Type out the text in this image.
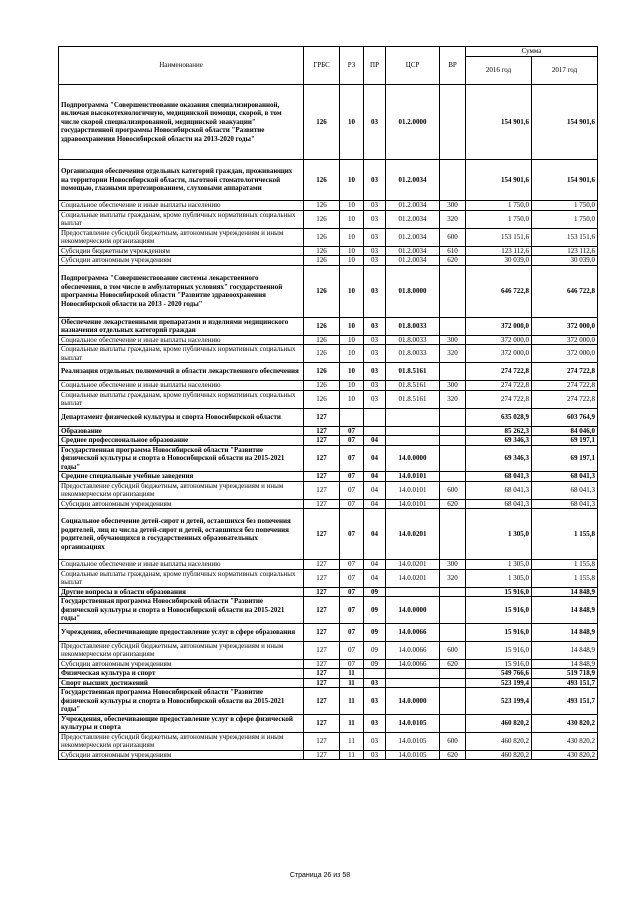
Наименование	ГРБС	РЗ	ПР	ЦСР	ВР	Сумма	
						2016 год	2017 год
Подпрограмма "Совершенствование оказания специализированной, включая высокотехнологичную, медицинской помощи, скорой, в том числе скорой специализированной, медицинской эвакуации" государственной программы Новосибирской области "Развитие здравоохранения Новосибирской области на 2013-2020 годы"	126	10	03	01.2.0000		154 901,6	154 901,6
Организация обеспечения отдельных категорий граждан, проживающих на территории Новосибирской области, льготной стоматологической помощью, глазными протезированием, слуховыми аппаратами	126	10	03	01.2.0034		154 901,6	154 901,6
Социальное обеспечение и иные выплаты населению	126	10	03	01.2.0034	300	1 750,0	1 750,0
Социальные выплаты гражданам, кроме публичных нормативных социальных выплат	126	10	03	01.2.0034	320	1 750,0	1 750,0
Предоставление субсидий бюджетным, автономным учреждениям и иным некоммерческим организациям	126	10	03	01.2.0034	600	153 151,6	153 151,6
Субсидии бюджетным учреждениям	126	10	03	01.2.0034	610	123 112,6	123 112,6
Субсидии автономным учреждениям	126	10	03	01.2.0034	620	30 039,0	30 039,0
Подпрограмма "Совершенствование системы лекарственного обеспечения, в том числе в амбулаторных условиях" государственной программы Новосибирской области "Развитие здравоохранения Новосибирской области на 2013 - 2020 годы"	126	10	03	01.8.0000		646 722,8	646 722,8
Обеспечение лекарственными препаратами и изделиями медицинского назначения отдельных категорий граждан	126	10	03	01.8.0033		372 000,0	372 000,0
Социальное обеспечение и иные выплаты населению	126	10	03	01.8.0033	300	372 000,0	372 000,0
Социальные выплаты гражданам, кроме публичных нормативных социальных выплат	126	10	03	01.8.0033	320	372 000,0	372 000,0
Реализация отдельных полномочий в области лекарственного обеспечения	126	10	03	01.8.5161		274 722,8	274 722,8
Социальное обеспечение и иные выплаты населению	126	10	03	01.8.5161	300	274 722,8	274 722,8
Социальные выплаты гражданам, кроме публичных нормативных социальных выплат	126	10	03	01.8.5161	320	274 722,8	274 722,8
Департамент физической культуры и спорта Новосибирской области	127					635 028,9	603 764,9
Образование	127	07				85 262,3	84 046,0
Среднее профессиональное образование	127	07	04			69 346,3	69 197,1
Государственная программа Новосибирской области "Развитие физической культуры и спорта в Новосибирской области на 2015-2021 годы"	127	07	04	14.0.0000		69 346,3	69 197,1
Средние специальные учебные заведения	127	07	04	14.0.0101		68 041,3	68 041,3
Предоставление субсидий бюджетным, автономным учреждениям и иным некоммерческим организациям	127	07	04	14.0.0101	600	68 041,3	68 041,3
Субсидии автономным учреждениям	127	07	04	14.0.0101	620	68 041,3	68 041,3
Социальное обеспечение детей-сирот и детей, оставшихся без попечения родителей, лиц из числа детей-сирот и детей, оставшихся без попечения родителей, обучающихся в государственных образовательных организациях	127	07	04	14.0.0201		1 305,0	1 155,8
Социальное обеспечение и иные выплаты населению	127	07	04	14.0.0201	300	1 305,0	1 155,8
Социальные выплаты гражданам, кроме публичных нормативных социальных выплат	127	07	04	14.0.0201	320	1 305,0	1 155,8
Другие вопросы в области образования	127	07	09			15 916,0	14 848,9
Государственная программа Новосибирской области "Развитие физической культуры и спорта в Новосибирской области на 2015-2021 годы"	127	07	09	14.0.0000		15 916,0	14 848,9
Учреждения, обеспечивающие предоставление услуг в сфере образования	127	07	09	14.0.0066		15 916,0	14 848,9
Предоставление субсидий бюджетным, автономным учреждениям и иным некоммерческим организациям	127	07	09	14.0.0066	600	15 916,0	14 848,9
Субсидии автономным учреждениям	127	07	09	14.0.0066	620	15 916,0	14 848,9
Физическая культура и спорт	127	11				549 766,6	519 718,9
Спорт высших достижений	127	11	03			523 199,4	493 151,7
Государственная программа Новосибирской области "Развитие физической культуры и спорта в Новосибирской области на 2015-2021 годы"	127	11	03	14.0.0000		523 199,4	493 151,7
Учреждения, обеспечивающие предоставление услуг в сфере физической культуры и спорта	127	11	03	14.0.0105		460 820,2	430 820,2
Предоставление субсидий бюджетным, автономным учреждениям и иным некоммерческим организациям	127	11	03	14.0.0105	600	460 820,2	430 820,2
Субсидии автономным учреждениям	127	11	03	14.0.0105	620	460 820,2	430 820,2
Страница 26 из 58
